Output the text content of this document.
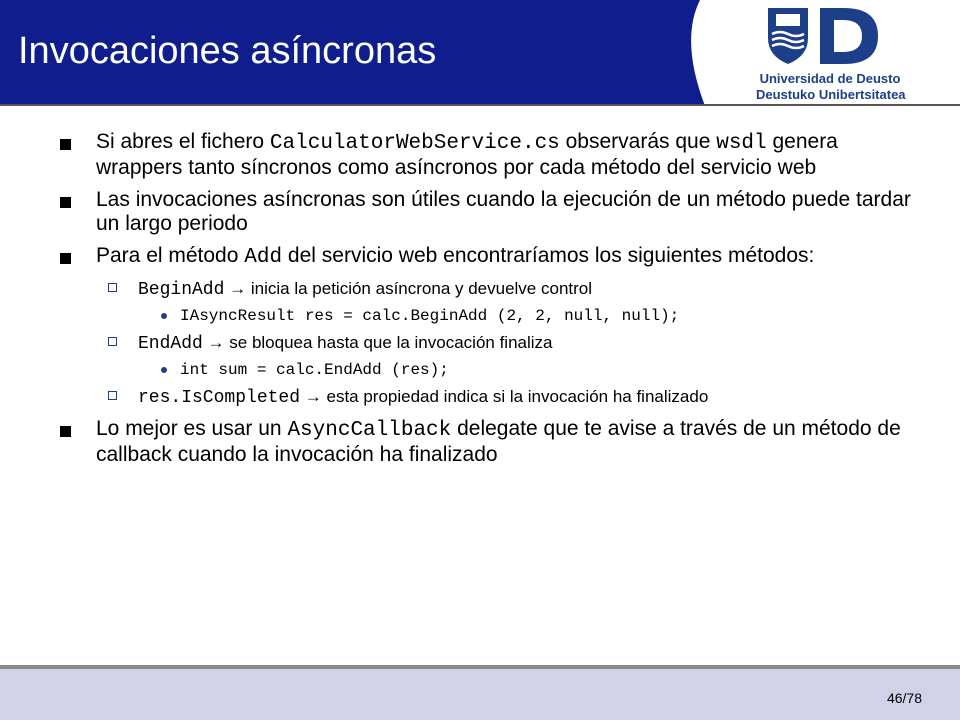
Invocaciones asíncronas
Universidad de Deusto
Deustuko Unibertsitatea
Si abres el fichero CalculatorWebService.cs observarás que wsdl genera wrappers tanto síncronos como asíncronos por cada método del servicio web
Las invocaciones asíncronas son útiles cuando la ejecución de un método puede tardar un largo periodo
Para el método Add del servicio web encontraríamos los siguientes métodos:
BeginAdd → inicia la petición asíncrona y devuelve control
IAsyncResult res = calc.BeginAdd (2, 2, null, null);
EndAdd → se bloquea hasta que la invocación finaliza
int sum = calc.EndAdd (res);
res.IsCompleted → esta propiedad indica si la invocación ha finalizado
Lo mejor es usar un AsyncCallback delegate que te avise a través de un método de callback cuando la invocación ha finalizado
46/78
